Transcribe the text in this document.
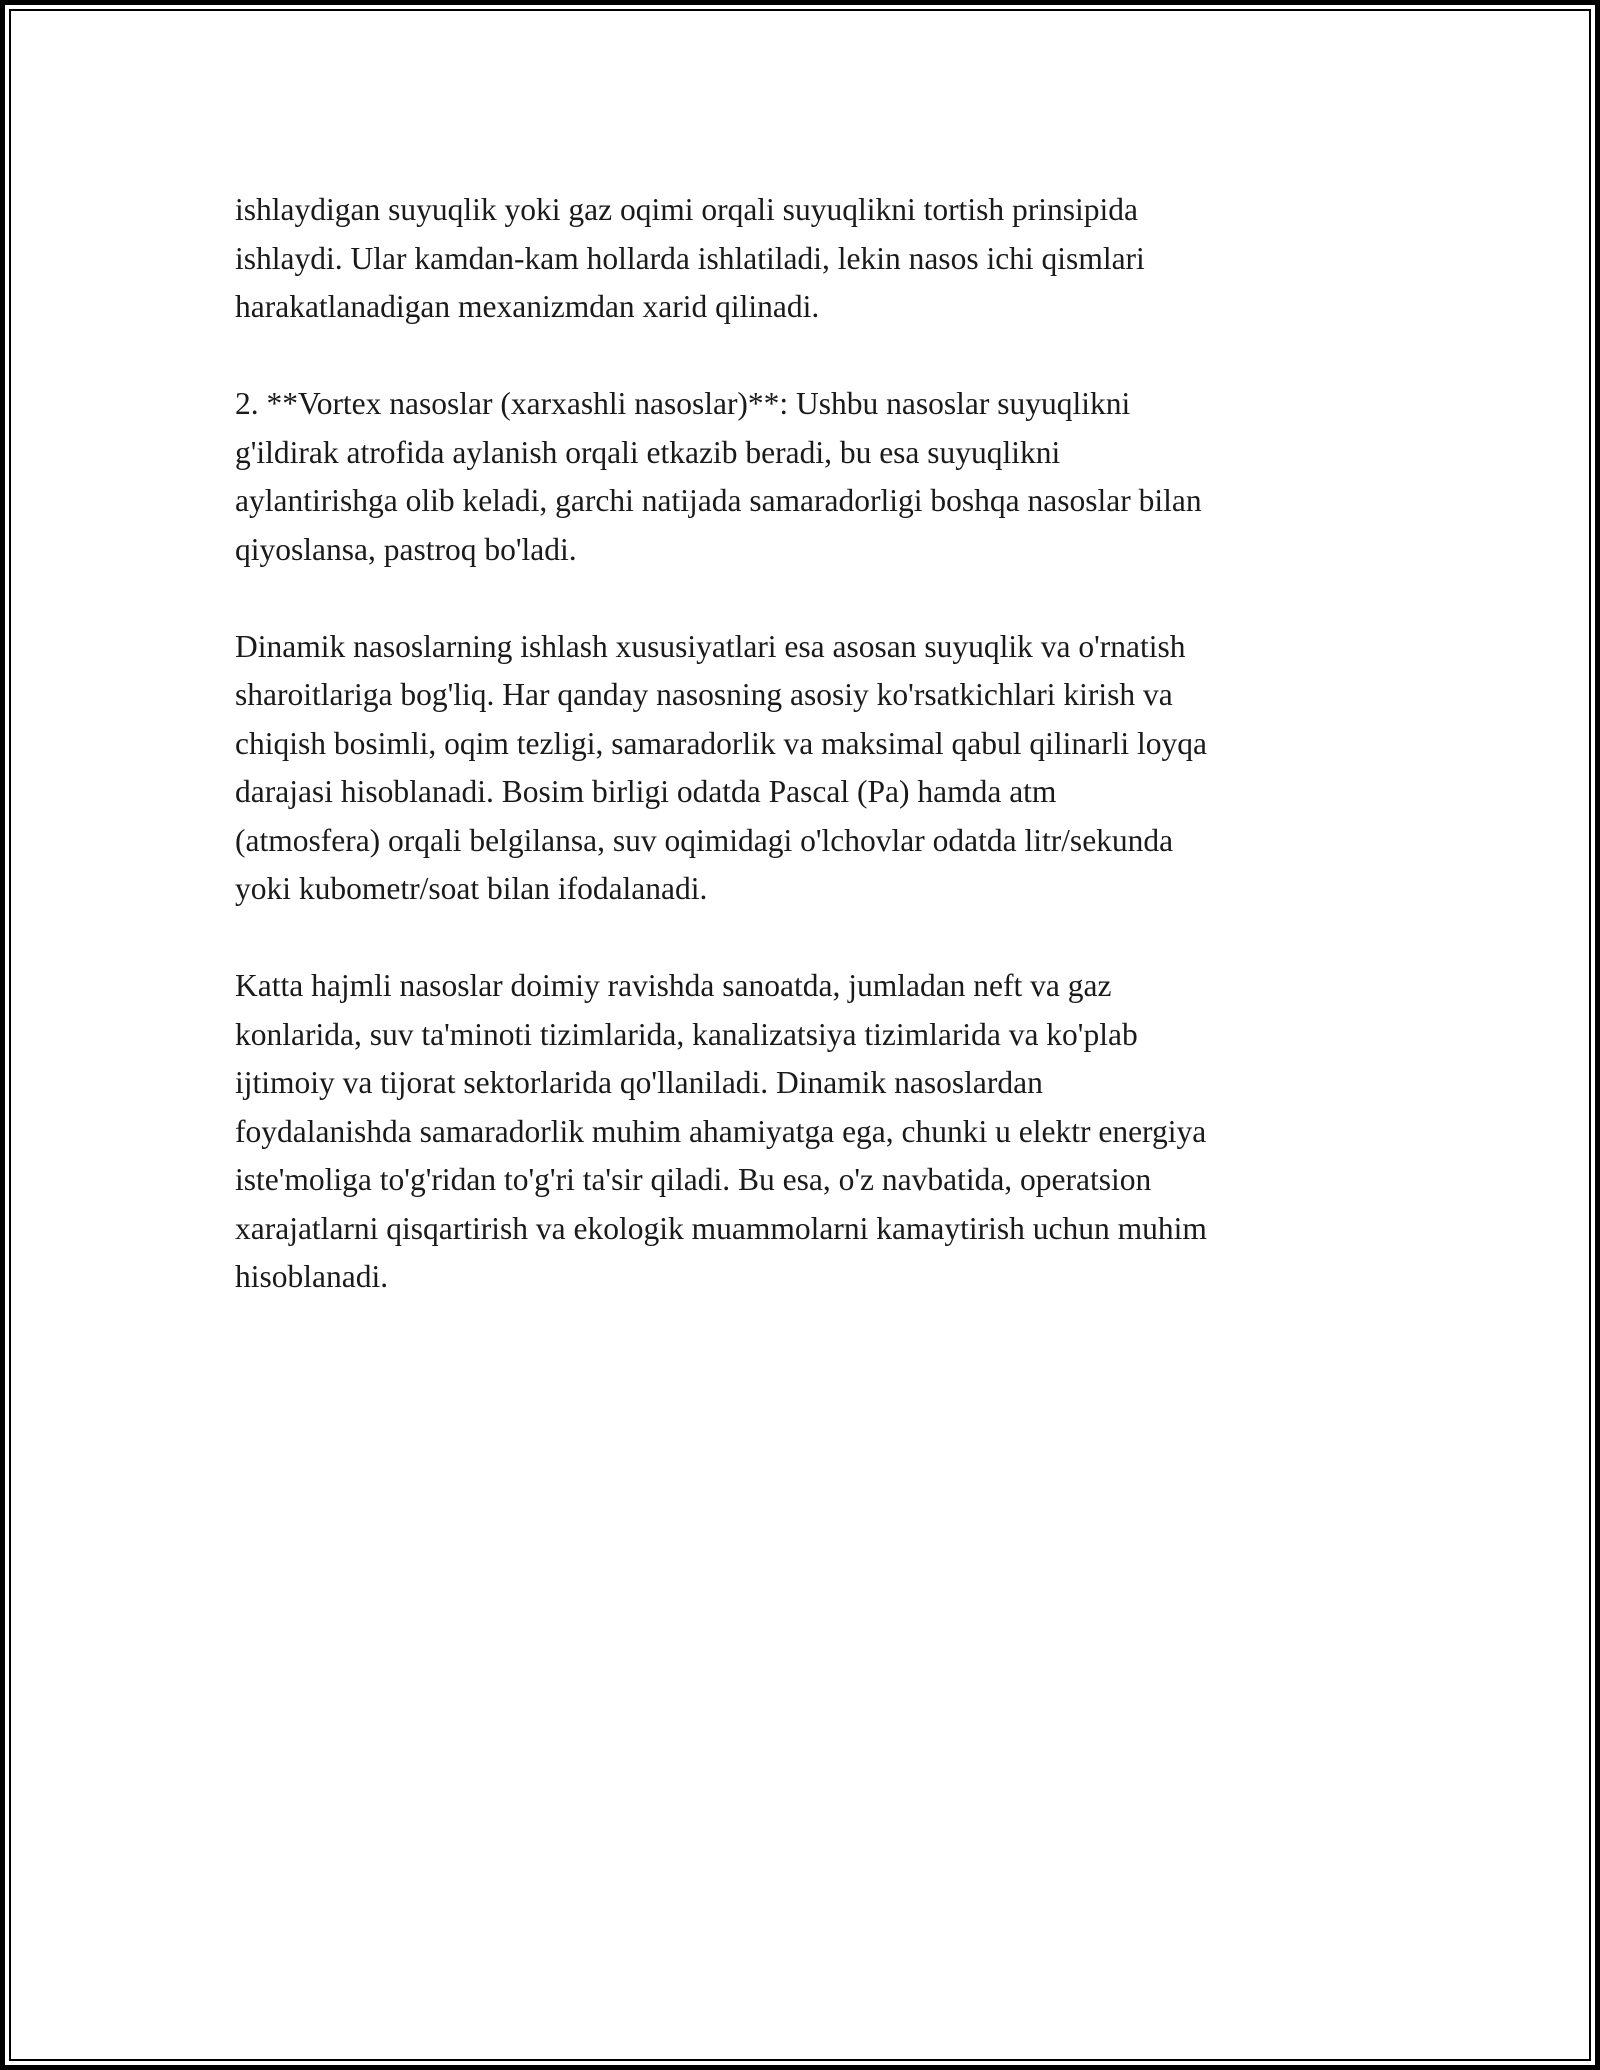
ishlaydigan suyuqlik yoki gaz oqimi orqali suyuqlikni tortish prinsipida
ishlaydi. Ular kamdan-kam hollarda ishlatiladi, lekin nasos ichi qismlari
harakatlanadigan mexanizmdan xarid qilinadi.

2. **Vortex nasoslar (xarxashli nasoslar)**: Ushbu nasoslar suyuqlikni
g'ildirak atrofida aylanish orqali etkazib beradi, bu esa suyuqlikni
aylantirishga olib keladi, garchi natijada samaradorligi boshqa nasoslar bilan
qiyoslansa, pastroq bo'ladi.

Dinamik nasoslarning ishlash xususiyatlari esa asosan suyuqlik va o'rnatish
sharoitlariga bog'liq. Har qanday nasosning asosiy ko'rsatkichlari kirish va
chiqish bosimli, oqim tezligi, samaradorlik va maksimal qabul qilinarli loyqa
darajasi hisoblanadi. Bosim birligi odatda Pascal (Pa) hamda atm
(atmosfera) orqali belgilansa, suv oqimidagi o'lchovlar odatda litr/sekunda
yoki kubometr/soat bilan ifodalanadi.

Katta hajmli nasoslar doimiy ravishda sanoatda, jumladan neft va gaz
konlarida, suv ta'minoti tizimlarida, kanalizatsiya tizimlarida va ko'plab
ijtimoiy va tijorat sektorlarida qo'llaniladi. Dinamik nasoslardan
foydalanishda samaradorlik muhim ahamiyatga ega, chunki u elektr energiya
iste'moliga to'g'ridan to'g'ri ta'sir qiladi. Bu esa, o'z navbatida, operatsion
xarajatlarni qisqartirish va ekologik muammolarni kamaytirish uchun muhim
hisoblanadi.
